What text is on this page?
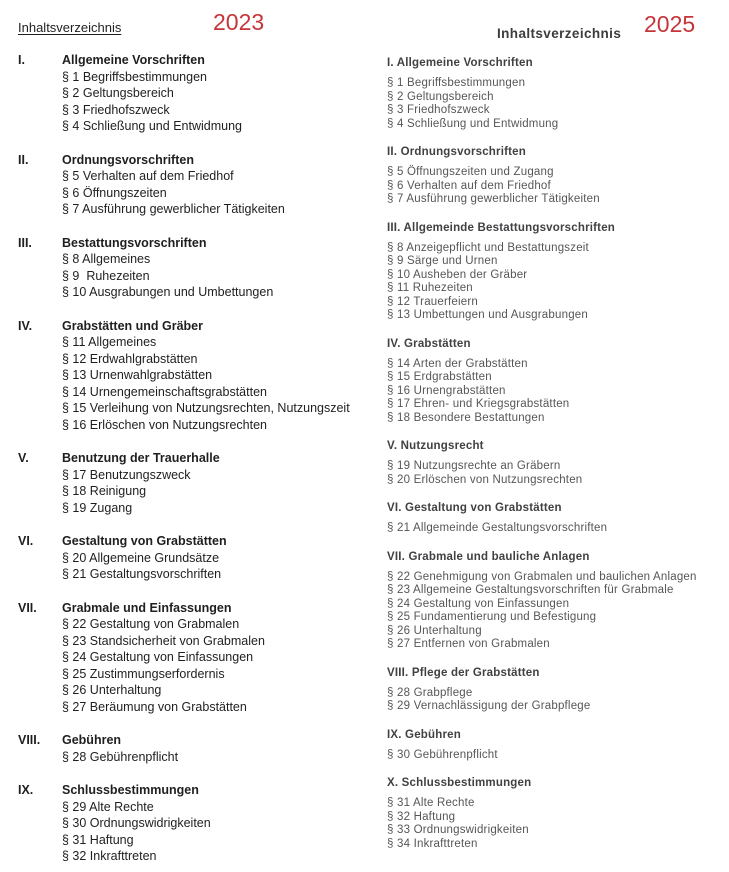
Inhaltsverzeichnis	2023	Inhaltsverzeichnis 2025
I.	Allgemeine Vorschriften
§ 1 Begriffsbestimmungen
§ 2 Geltungsbereich
§ 3 Friedhofszweck
§ 4 Schließung und Entwidmung
II.	Ordnungsvorschriften
§ 5 Verhalten auf dem Friedhof
§ 6 Öffnungszeiten
§ 7 Ausführung gewerblicher Tätigkeiten
III.	Bestattungsvorschriften
§ 8 Allgemeines
§ 9  Ruhezeiten
§ 10 Ausgrabungen und Umbettungen
IV.	Grabstätten und Gräber
§ 11 Allgemeines
§ 12 Erdwahlgrabstätten
§ 13 Urnenwahlgrabstätten
§ 14 Urnengemeinschaftsgrabstätten
§ 15 Verleihung von Nutzungsrechten, Nutzungszeit
§ 16 Erlöschen von Nutzungsrechten
V.	Benutzung der Trauerhalle
§ 17 Benutzungszweck
§ 18 Reinigung
§ 19 Zugang
VI.	Gestaltung von Grabstätten
§ 20 Allgemeine Grundsätze
§ 21 Gestaltungsvorschriften
VII.	Grabmale und Einfassungen
§ 22 Gestaltung von Grabmalen
§ 23 Standsicherheit von Grabmalen
§ 24 Gestaltung von Einfassungen
§ 25 Zustimmungserfordernis
§ 26 Unterhaltung
§ 27 Beräumung von Grabstätten
VIII.	Gebühren
§ 28 Gebührenpflicht
IX.	Schlussbestimmungen
§ 29 Alte Rechte
§ 30 Ordnungswidrigkeiten
§ 31 Haftung
§ 32 Inkrafttreten
I. Allgemeine Vorschriften
§ 1 Begriffsbestimmungen
§ 2 Geltungsbereich
§ 3 Friedhofszweck
§ 4 Schließung und Entwidmung
II. Ordnungsvorschriften
§ 5 Öffnungszeiten und Zugang
§ 6 Verhalten auf dem Friedhof
§ 7 Ausführung gewerblicher Tätigkeiten
III. Allgemeinde Bestattungsvorschriften
§ 8 Anzeigepflicht und Bestattungszeit
§ 9 Särge und Urnen
§ 10 Ausheben der Gräber
§ 11 Ruhezeiten
§ 12 Trauerfeiern
§ 13 Umbettungen und Ausgrabungen
IV. Grabstätten
§ 14 Arten der Grabstätten
§ 15 Erdgrabstätten
§ 16 Urnengrabstätten
§ 17 Ehren- und Kriegsgrabstätten
§ 18 Besondere Bestattungen
V. Nutzungsrecht
§ 19 Nutzungsrechte an Gräbern
§ 20 Erlöschen von Nutzungsrechten
VI. Gestaltung von Grabstätten
§ 21 Allgemeinde Gestaltungsvorschriften
VII. Grabmale und bauliche Anlagen
§ 22 Genehmigung von Grabmalen und baulichen Anlagen
§ 23 Allgemeine Gestaltungsvorschriften für Grabmale
§ 24 Gestaltung von Einfassungen
§ 25 Fundamentierung und Befestigung
§ 26 Unterhaltung
§ 27 Entfernen von Grabmalen
VIII. Pflege der Grabstätten
§ 28 Grabpflege
§ 29 Vernachlässigung der Grabpflege
IX. Gebühren
§ 30 Gebührenpflicht
X. Schlussbestimmungen
§ 31 Alte Rechte
§ 32 Haftung
§ 33 Ordnungswidrigkeiten
§ 34 Inkrafttreten
